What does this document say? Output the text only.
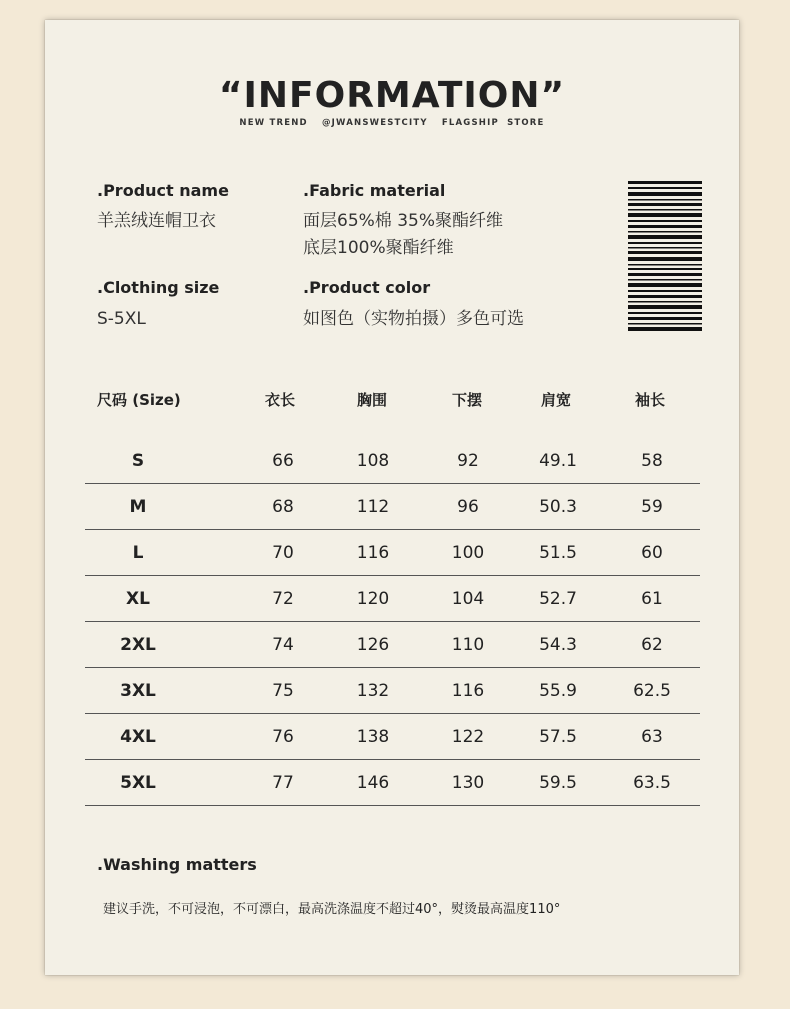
“INFORMATION”
NEW TREND @JWANSWESTCITY FLAGSHIP STORE
.Product name
羊羔绒连帽卫衣
.Fabric material
面层65%棉 35%聚酯纤维
底层100%聚酯纤维
.Clothing size
S-5XL
.Product color
如图色（实物拍摄）多色可选
尺码 (Size)	衣长	胸围	下摆	肩宽	袖长
S	66	108	92	49.1	58
M	68	112	96	50.3	59
L	70	116	100	51.5	60
XL	72	120	104	52.7	61
2XL	74	126	110	54.3	62
3XL	75	132	116	55.9	62.5
4XL	76	138	122	57.5	63
5XL	77	146	130	59.5	63.5
.Washing matters
建议手洗，不可浸泡，不可漂白，最高洗涤温度不超过40°，熨烫最高温度110°
